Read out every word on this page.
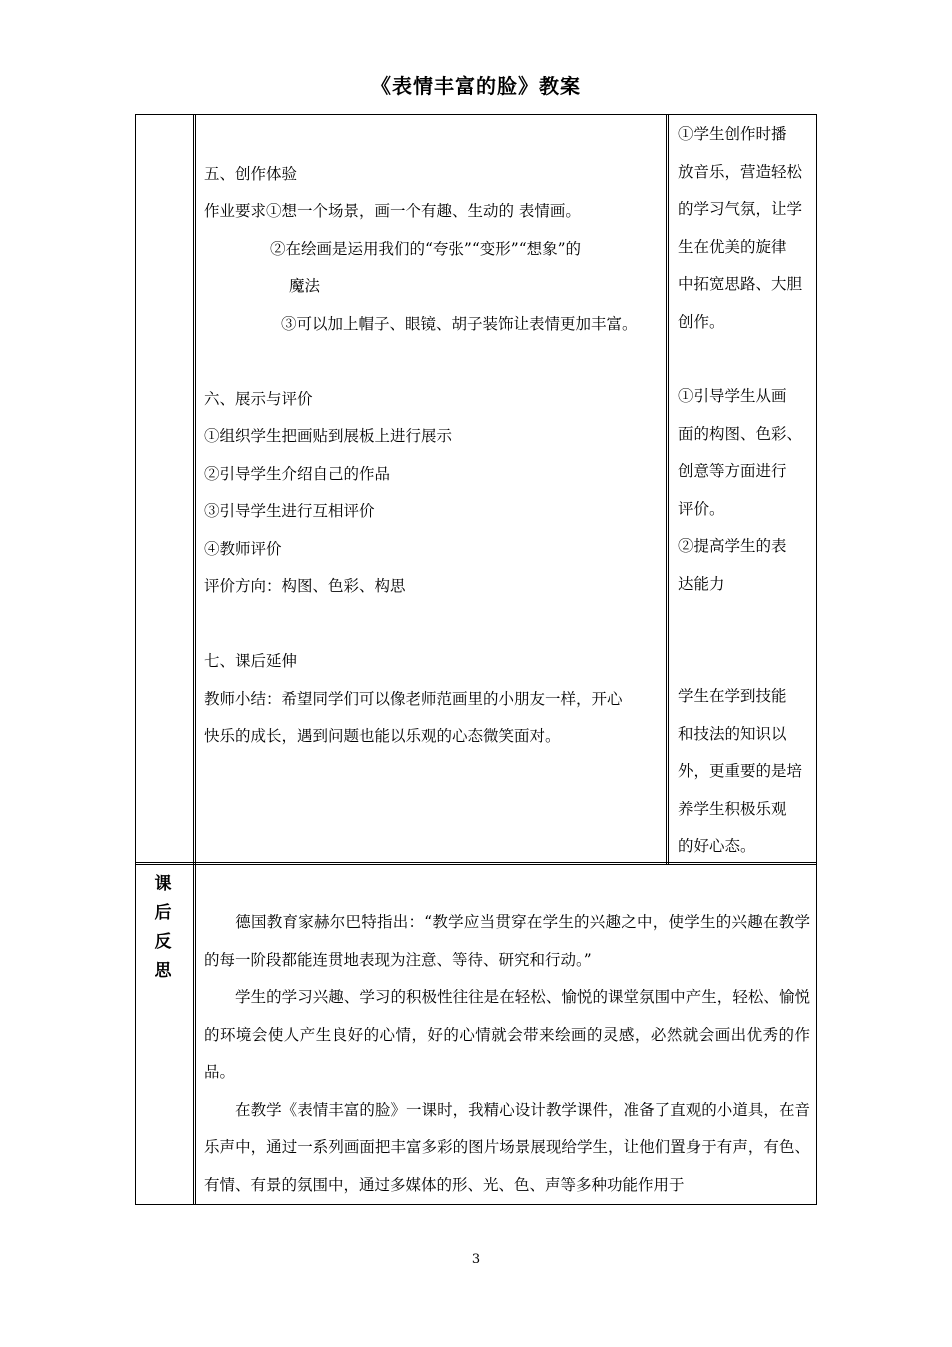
《表情丰富的脸》教案
五、创作体验
作业要求①想一个场景，画一个有趣、生动的 表情画。
②在绘画是运用我们的“夸张”“变形”“想象”的
魔法
③可以加上帽子、眼镜、胡子装饰让表情更加丰富。
六、展示与评价
①组织学生把画贴到展板上进行展示
②引导学生介绍自己的作品
③引导学生进行互相评价
④教师评价
评价方向：构图、色彩、构思
七、课后延伸
教师小结：希望同学们可以像老师范画里的小朋友一样，开心
快乐的成长，遇到问题也能以乐观的心态微笑面对。
①学生创作时播
放音乐，营造轻松
的学习气氛，让学
生在优美的旋律
中拓宽思路、大胆
创作。
①引导学生从画
面的构图、色彩、
创意等方面进行
评价。
②提高学生的表
达能力
学生在学到技能
和技法的知识以
外，更重要的是培
养学生积极乐观
的好心态。
课
后
反
思

德国教育家赫尔巴特指出：“教学应当贯穿在学生的兴趣之中，使学生的兴趣在教学的每一阶段都能连贯地表现为注意、等待、研究和行动。”

学生的学习兴趣、学习的积极性往往是在轻松、愉悦的课堂氛围中产生，轻松、愉悦的环境会使人产生良好的心情，好的心情就会带来绘画的灵感，必然就会画出优秀的作品。

在教学《表情丰富的脸》一课时，我精心设计教学课件，准备了直观的小道具，在音乐声中，通过一系列画面把丰富多彩的图片场景展现给学生，让他们置身于有声，有色、有情、有景的氛围中，通过多媒体的形、光、色、声等多种功能作用于

3
